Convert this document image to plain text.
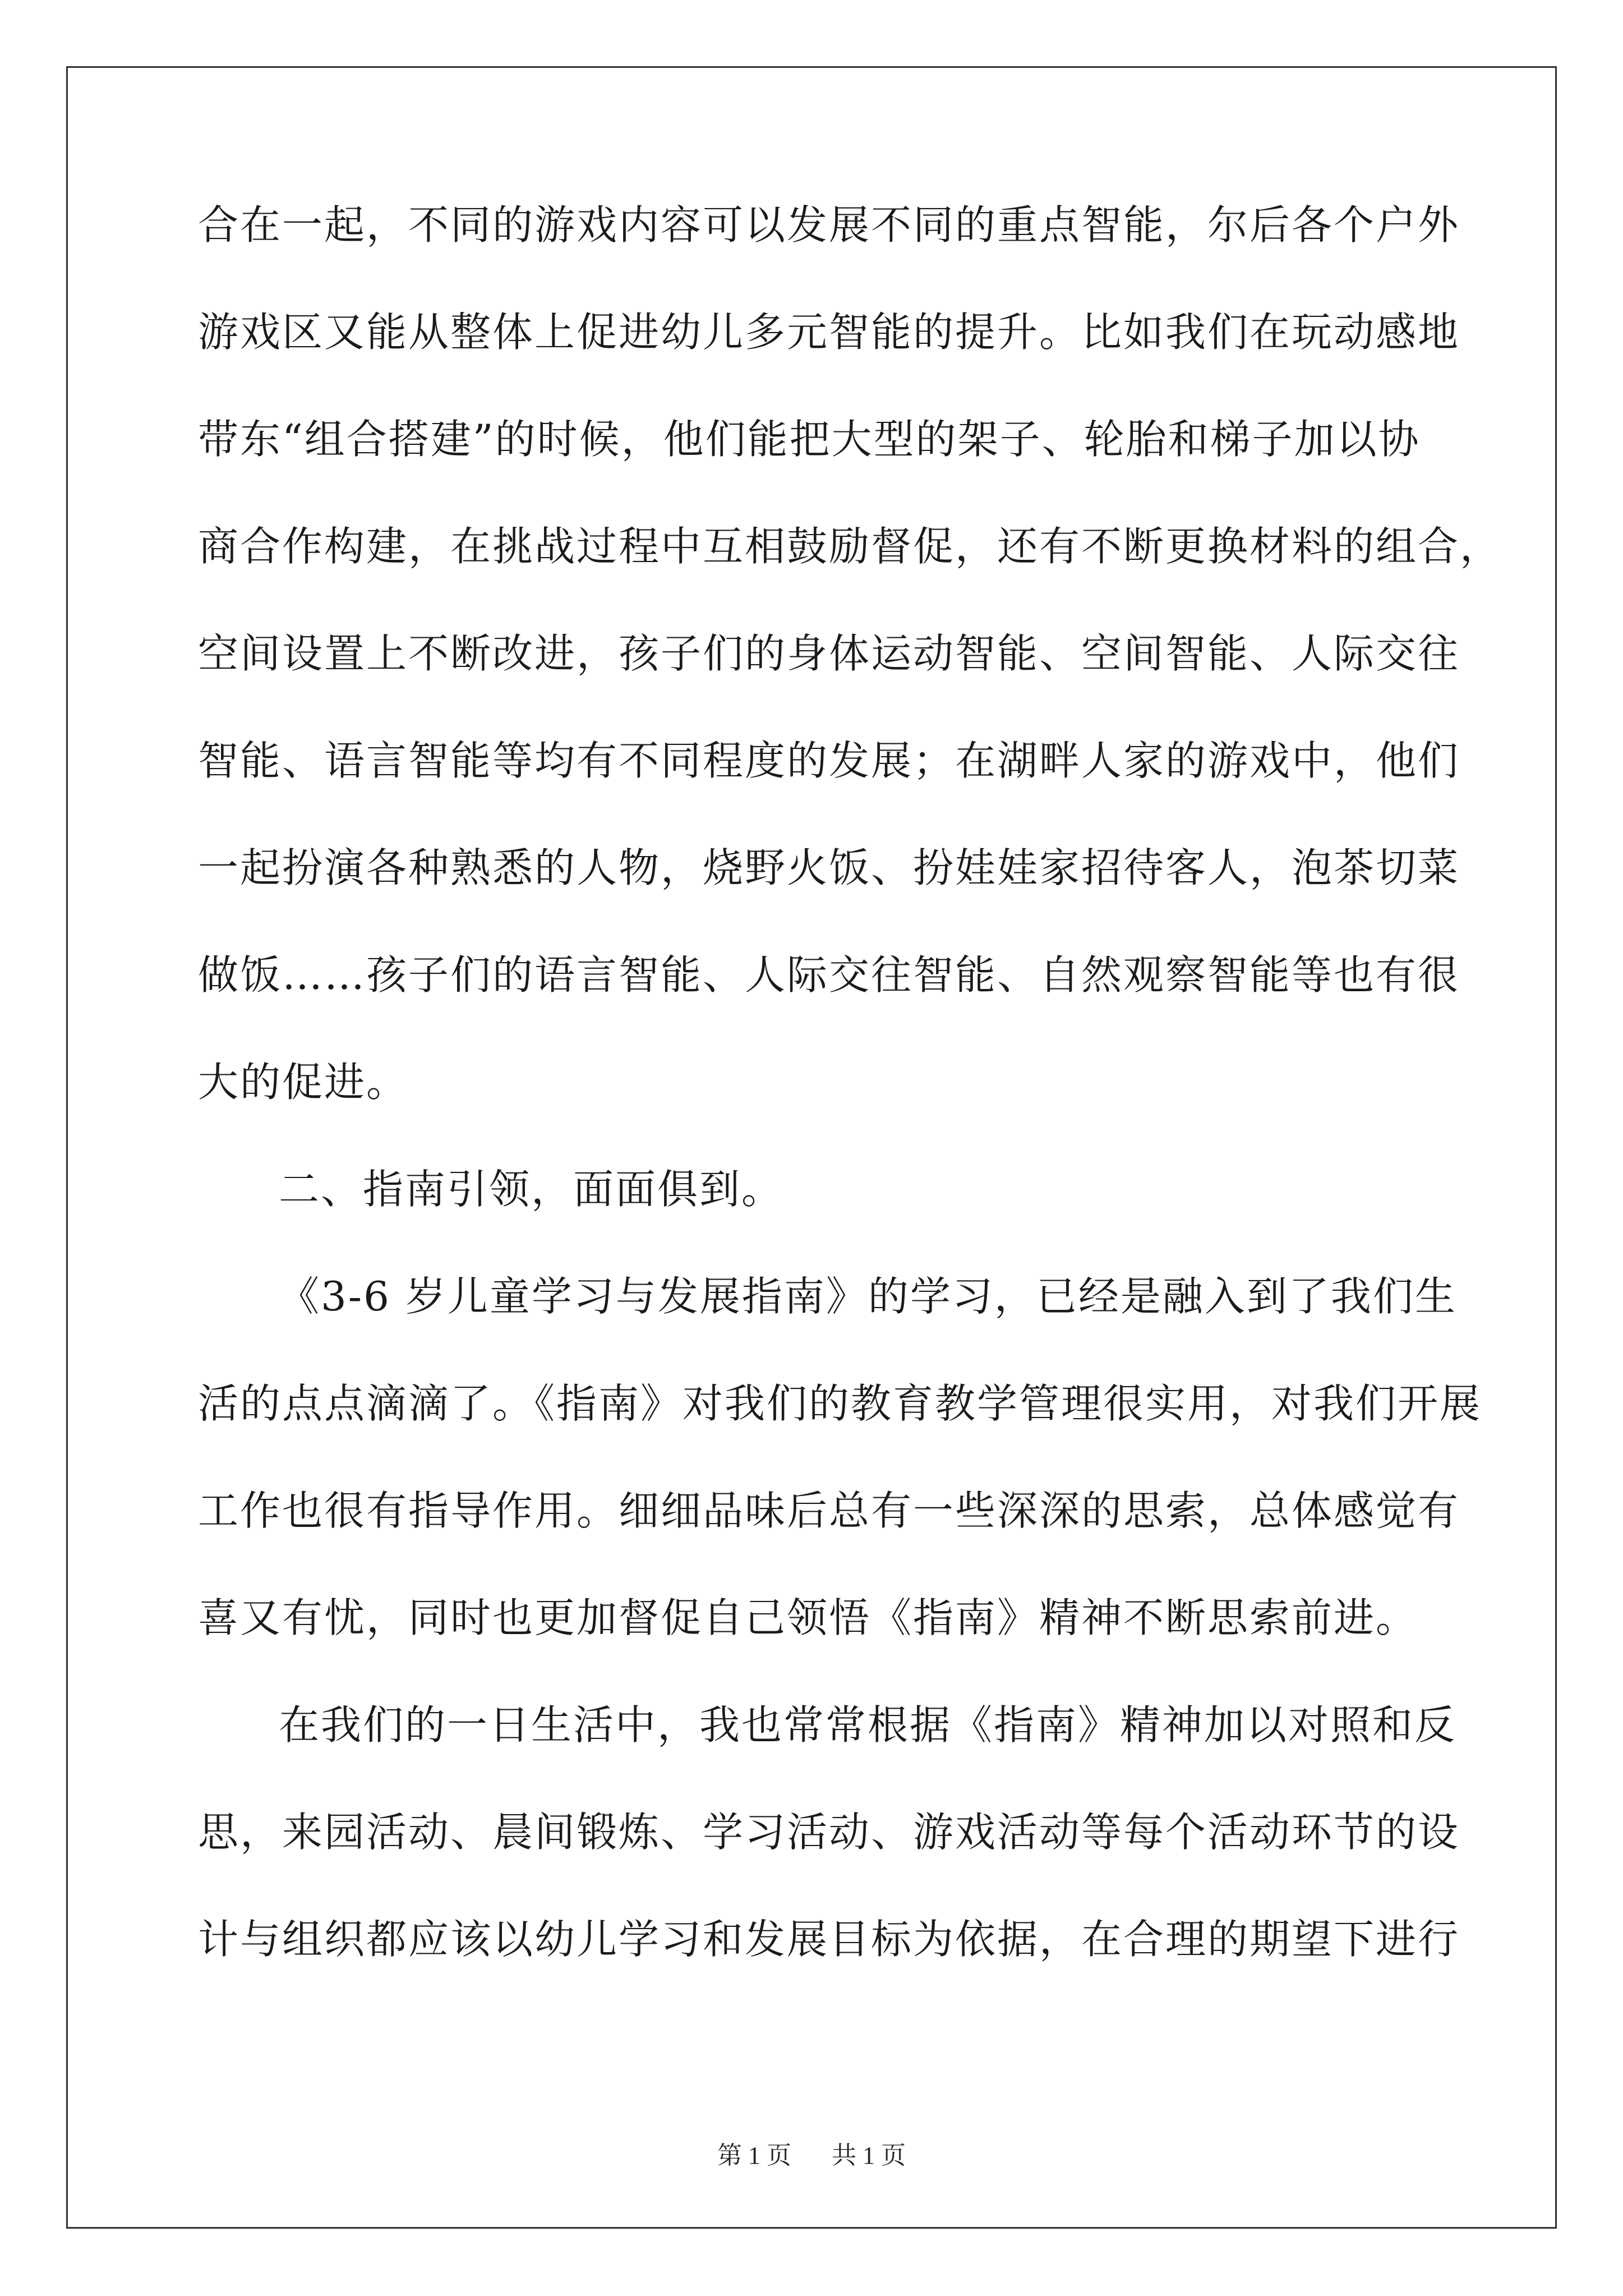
合在一起，不同的游戏内容可以发展不同的重点智能，尔后各个户外
游戏区又能从整体上促进幼儿多元智能的提升。比如我们在玩动感地
带东“组合搭建”的时候，他们能把大型的架子、轮胎和梯子加以协
商合作构建，在挑战过程中互相鼓励督促，还有不断更换材料的组合，
空间设置上不断改进，孩子们的身体运动智能、空间智能、人际交往
智能、语言智能等均有不同程度的发展；在湖畔人家的游戏中，他们
一起扮演各种熟悉的人物，烧野火饭、扮娃娃家招待客人，泡茶切菜
做饭……孩子们的语言智能、人际交往智能、自然观察智能等也有很
大的促进。
二、指南引领，面面俱到。
《3-6 岁儿童学习与发展指南》的学习，已经是融入到了我们生
活的点点滴滴了。《指南》对我们的教育教学管理很实用，对我们开展
工作也很有指导作用。细细品味后总有一些深深的思索，总体感觉有
喜又有忧，同时也更加督促自己领悟《指南》精神不断思索前进。
在我们的一日生活中，我也常常根据《指南》精神加以对照和反
思，来园活动、晨间锻炼、学习活动、游戏活动等每个活动环节的设
计与组织都应该以幼儿学习和发展目标为依据，在合理的期望下进行
第 1 页 共 1 页
